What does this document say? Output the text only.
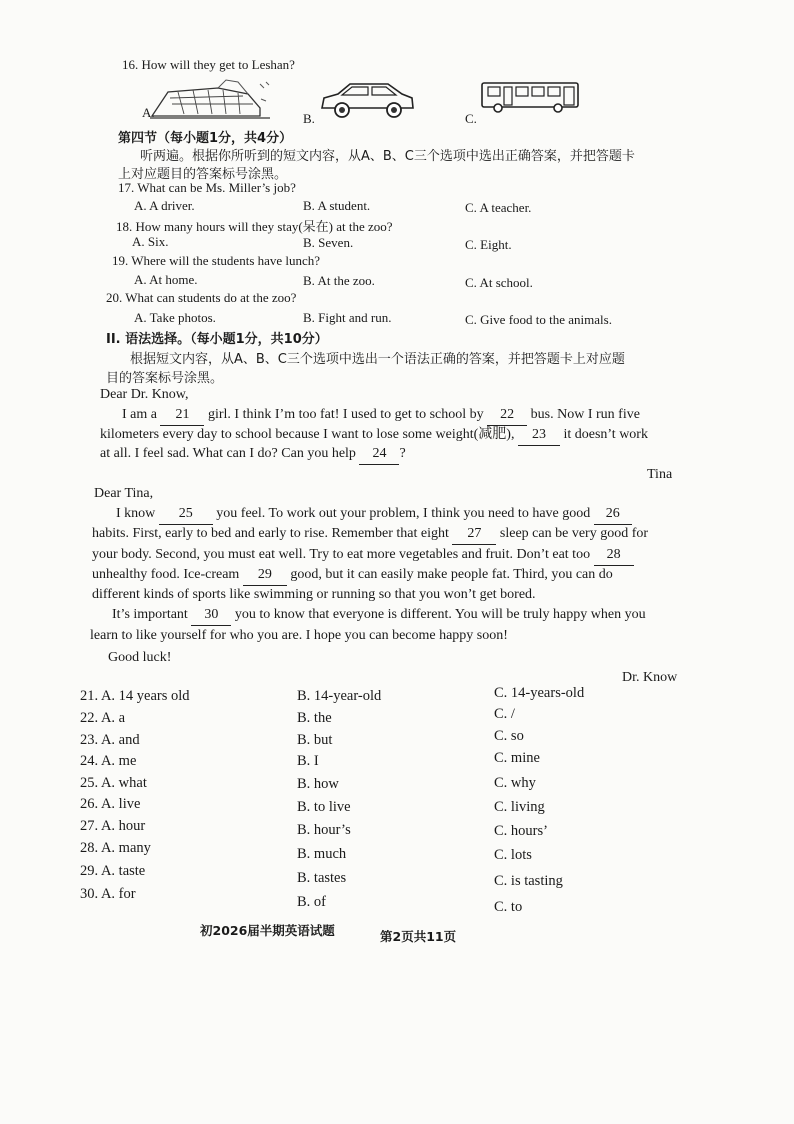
16. How will they get to Leshan?
A.	B.	C.
第四节（每小题1分，共4分）
听两遍。根据你所听到的短文内容，从A、B、C三个选项中选出正确答案，并把答题卡
上对应题目的答案标号涂黑。
17. What can be Ms. Miller’s job?
A. A driver.	B. A student.	C. A teacher.
18. How many hours will they stay(呆在) at the zoo?
A. Six.	B. Seven.	C. Eight.
19. Where will the students have lunch?
A. At home.	B. At the zoo.	C. At school.
20. What can students do at the zoo?
A. Take photos.	B. Fight and run.	C. Give food to the animals.
II. 语法选择。（每小题1分，共10分）
根据短文内容，从A、B、C三个选项中选出一个语法正确的答案，并把答题卡上对应题
目的答案标号涂黑。
Dear Dr. Know,
I am a 21 girl. I think I’m too fat! I used to get to school by 22 bus. Now I run five
kilometers every day to school because I want to lose some weight(减肥), 23 it doesn’t work
at all. I feel sad. What can I do? Can you help 24 ?
Tina
Dear Tina,
I know 25 you feel. To work out your problem, I think you need to have good 26
habits. First, early to bed and early to rise. Remember that eight 27 sleep can be very good for
your body. Second, you must eat well. Try to eat more vegetables and fruit. Don’t eat too 28
unhealthy food. Ice-cream 29 good, but it can easily make people fat. Third, you can do
different kinds of sports like swimming or running so that you won’t get bored.
It’s important 30 you to know that everyone is different. You will be truly happy when you
learn to like yourself for who you are. I hope you can become happy soon!
Good luck!
Dr. Know
21. A. 14 years old	B. 14-year-old	C. 14-years-old
22. A. a	B. the	C. /
23. A. and	B. but	C. so
24. A. me	B. I	C. mine
25. A. what	B. how	C. why
26. A. live	B. to live	C. living
27. A. hour	B. hour’s	C. hours’
28. A. many	B. much	C. lots
29. A. taste	B. tastes	C. is tasting
30. A. for	B. of	C. to
初2026届半期英语试题	第2页共11页
